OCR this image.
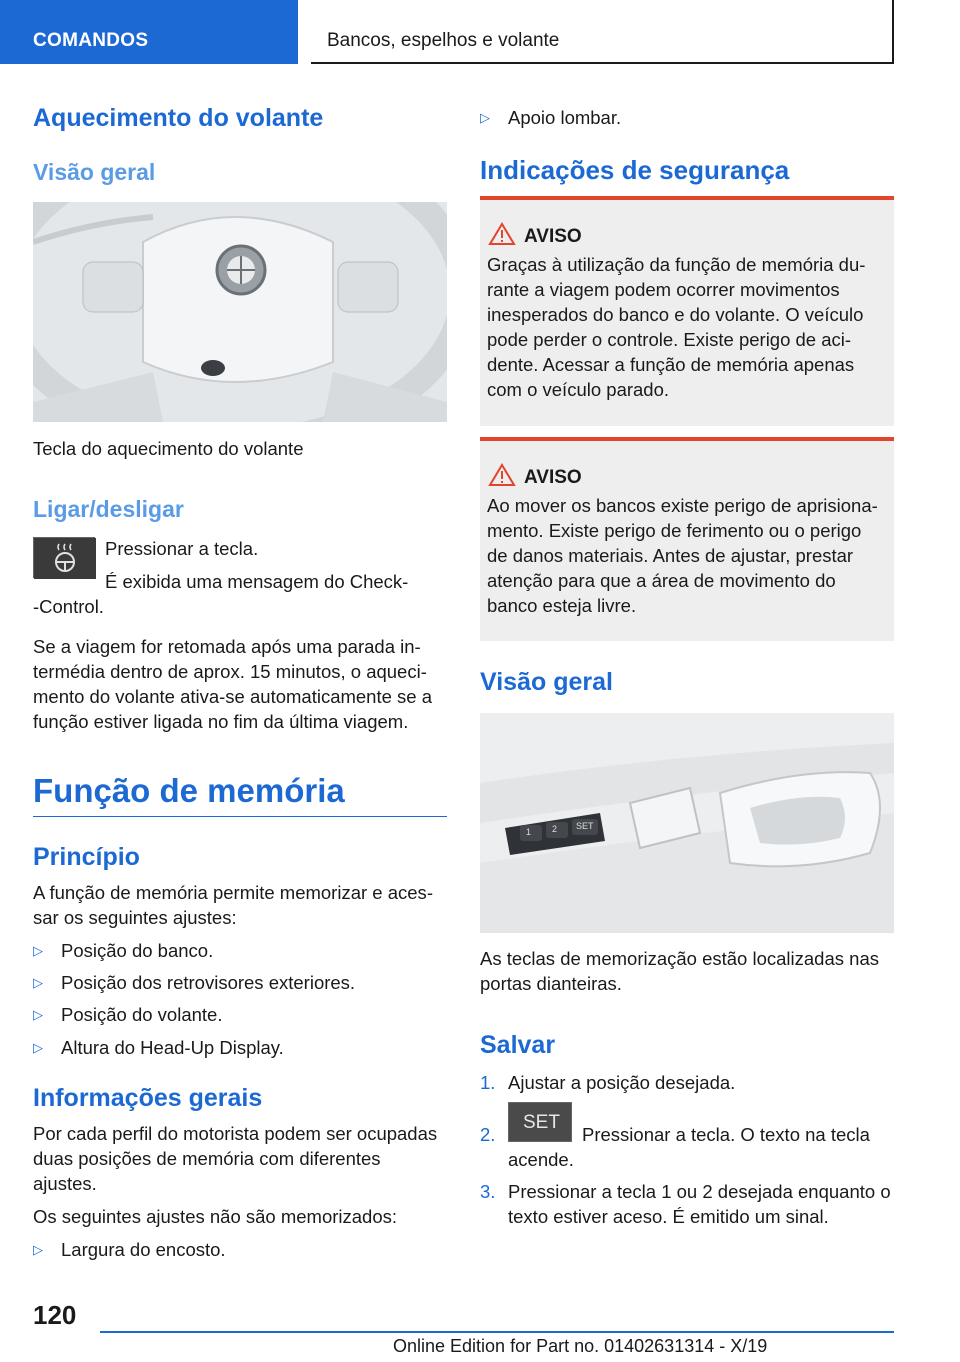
COMANDOS	Bancos, espelhos e volante
Aquecimento do volante
Visão geral
Tecla do aquecimento do volante
Ligar/desligar
Pressionar a tecla.
É exibida uma mensagem do Check-
-Control.
Se a viagem for retomada após uma parada intermédia dentro de aprox. 15 minutos, o aquecimento do volante ativa-se automaticamente se a função estiver ligada no fim da última viagem.
Função de memória
Princípio
A função de memória permite memorizar e acessar os seguintes ajustes:
▷ Posição do banco.
▷ Posição dos retrovisores exteriores.
▷ Posição do volante.
▷ Altura do Head-Up Display.
Informações gerais
Por cada perfil do motorista podem ser ocupadas duas posições de memória com diferentes ajustes.
Os seguintes ajustes não são memorizados:
▷ Largura do encosto.
▷ Apoio lombar.
Indicações de segurança
AVISO
Graças à utilização da função de memória durante a viagem podem ocorrer movimentos inesperados do banco e do volante. O veículo pode perder o controle. Existe perigo de acidente. Acessar a função de memória apenas com o veículo parado.
AVISO
Ao mover os bancos existe perigo de aprisionamento. Existe perigo de ferimento ou o perigo de danos materiais. Antes de ajustar, prestar atenção para que a área de movimento do banco esteja livre.
Visão geral
1 2 SET
As teclas de memorização estão localizadas nas portas dianteiras.
Salvar
1. Ajustar a posição desejada.
2.
SET
Pressionar a tecla. O texto na tecla acende.
3. Pressionar a tecla 1 ou 2 desejada enquanto o texto estiver aceso. É emitido um sinal.
120
Online Edition for Part no. 01402631314 - X/19
